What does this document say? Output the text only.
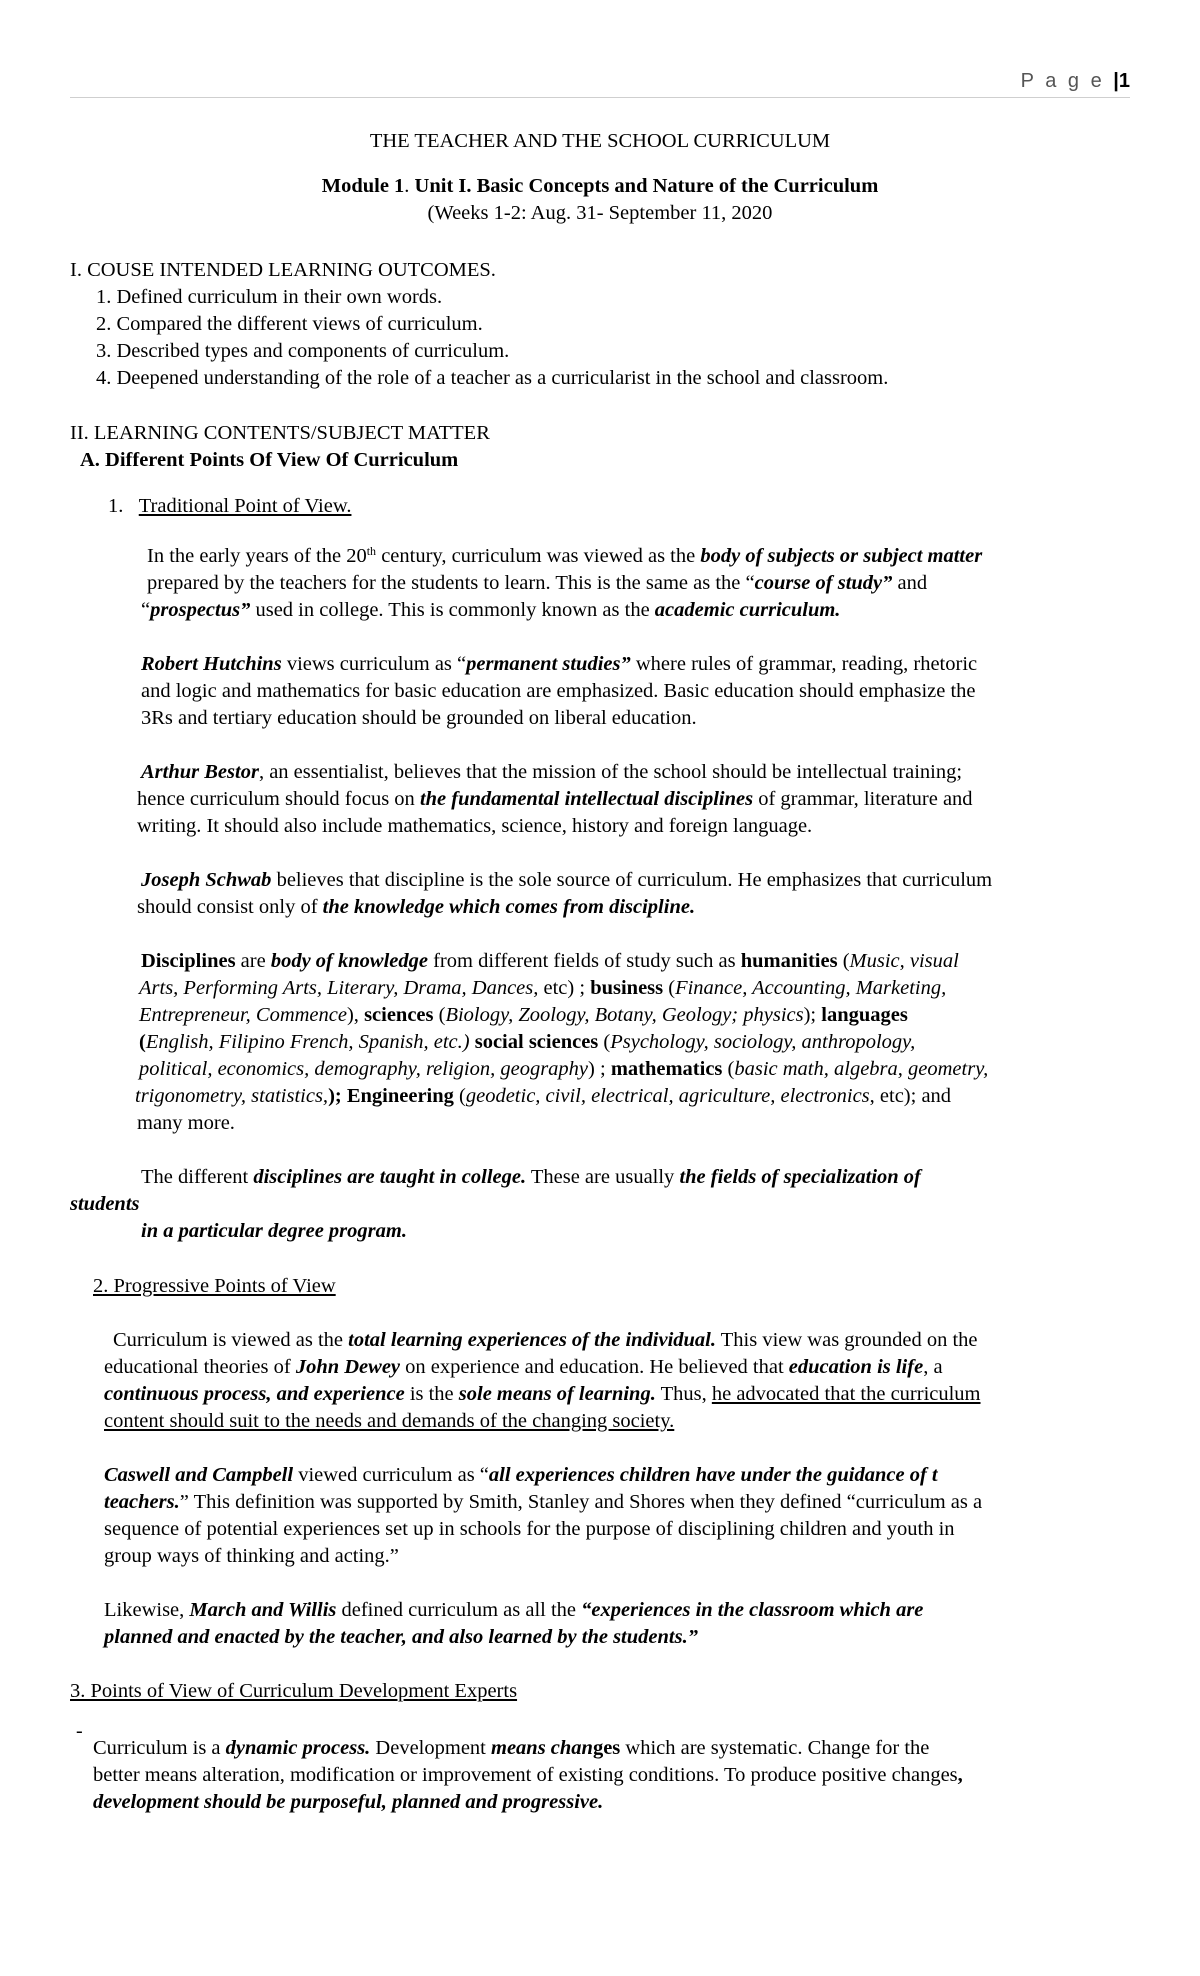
P a g e |1
THE TEACHER AND THE SCHOOL CURRICULUM
Module 1. Unit I. Basic Concepts and Nature of the Curriculum
(Weeks 1-2: Aug. 31- September 11, 2020
I. COUSE INTENDED LEARNING OUTCOMES.
1. Defined curriculum in their own words.
2. Compared the different views of curriculum.
3. Described types and components of curriculum.
4. Deepened understanding of the role of a teacher as a curricularist in the school and classroom.
II. LEARNING CONTENTS/SUBJECT MATTER
A. Different Points Of View Of Curriculum
1. Traditional Point of View.
In the early years of the 20th century, curriculum was viewed as the body of subjects or subject matter
prepared by the teachers for the students to learn. This is the same as the “course of study” and
“prospectus” used in college. This is commonly known as the academic curriculum.
Robert Hutchins views curriculum as “permanent studies” where rules of grammar, reading, rhetoric
and logic and mathematics for basic education are emphasized. Basic education should emphasize the
3Rs and tertiary education should be grounded on liberal education.
Arthur Bestor, an essentialist, believes that the mission of the school should be intellectual training;
hence curriculum should focus on the fundamental intellectual disciplines of grammar, literature and
writing. It should also include mathematics, science, history and foreign language.
Joseph Schwab believes that discipline is the sole source of curriculum. He emphasizes that curriculum
should consist only of the knowledge which comes from discipline.
Disciplines are body of knowledge from different fields of study such as humanities (Music, visual
Arts, Performing Arts, Literary, Drama, Dances, etc) ; business (Finance, Accounting, Marketing,
Entrepreneur, Commence), sciences (Biology, Zoology, Botany, Geology; physics); languages
(English, Filipino French, Spanish, etc.) social sciences (Psychology, sociology, anthropology,
political, economics, demography, religion, geography) ; mathematics (basic math, algebra, geometry,
trigonometry, statistics,); Engineering (geodetic, civil, electrical, agriculture, electronics, etc); and
many more.
The different disciplines are taught in college. These are usually the fields of specialization of
students
in a particular degree program.
2. Progressive Points of View
Curriculum is viewed as the total learning experiences of the individual. This view was grounded on the
educational theories of John Dewey on experience and education. He believed that education is life, a
continuous process, and experience is the sole means of learning. Thus, he advocated that the curriculum
content should suit to the needs and demands of the changing society.
Caswell and Campbell viewed curriculum as “all experiences children have under the guidance of t
teachers.” This definition was supported by Smith, Stanley and Shores when they defined “curriculum as a
sequence of potential experiences set up in schools for the purpose of disciplining children and youth in
group ways of thinking and acting.”
Likewise, March and Willis defined curriculum as all the “experiences in the classroom which are
planned and enacted by the teacher, and also learned by the students.”
3. Points of View of Curriculum Development Experts
-
Curriculum is a dynamic process. Development means changes which are systematic. Change for the
better means alteration, modification or improvement of existing conditions. To produce positive changes,
development should be purposeful, planned and progressive.
